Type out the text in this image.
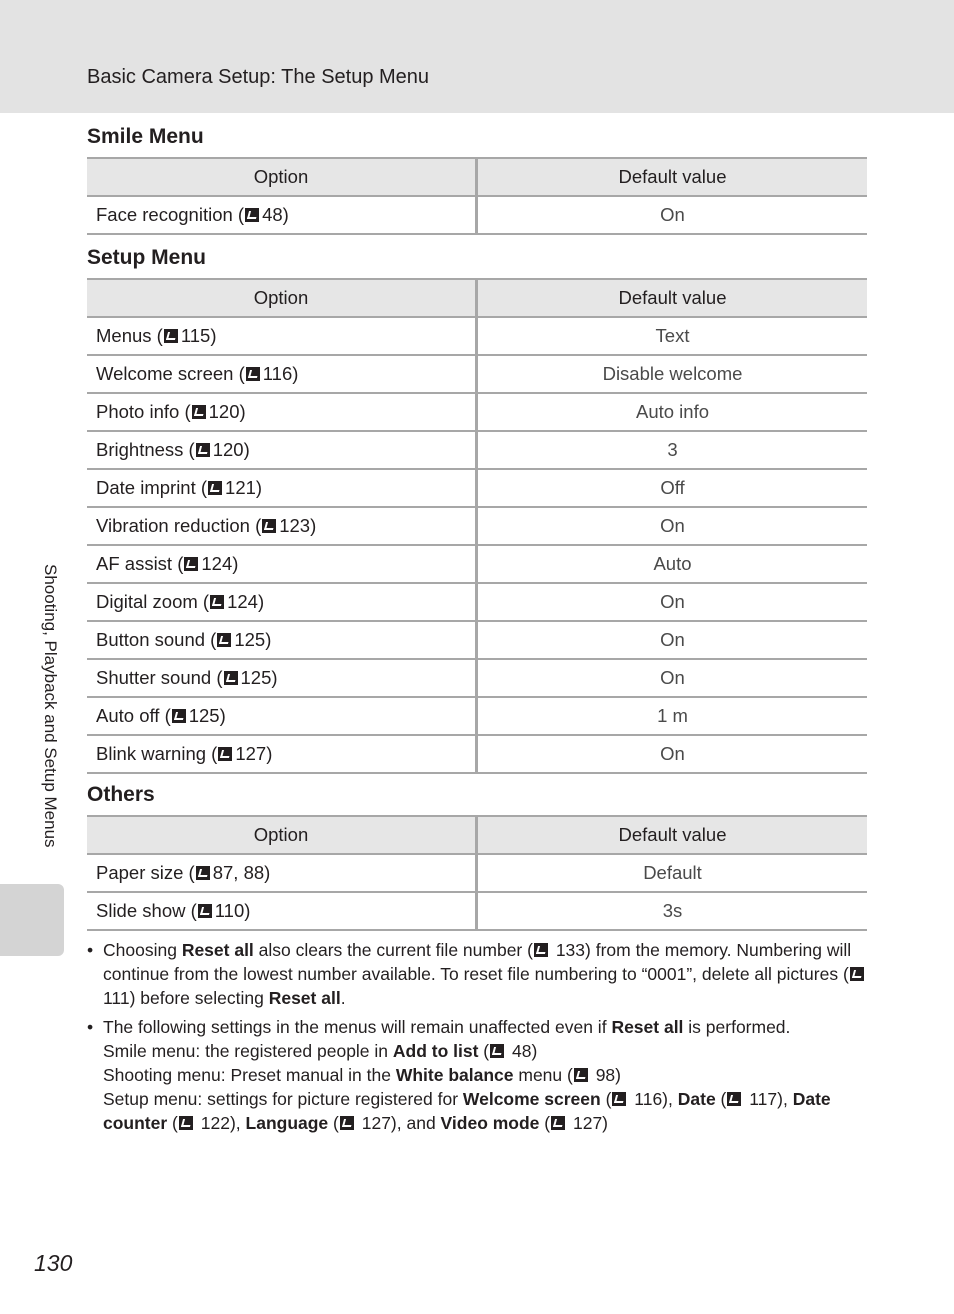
Basic Camera Setup: The Setup Menu
Smile Menu
Option	Default value
Face recognition ( 48)	On
Setup Menu
Option	Default value
Menus ( 115)	Text
Welcome screen ( 116)	Disable welcome
Photo info ( 120)	Auto info
Brightness ( 120)	3
Date imprint ( 121)	Off
Vibration reduction ( 123)	On
AF assist ( 124)	Auto
Digital zoom ( 124)	On
Button sound ( 125)	On
Shutter sound ( 125)	On
Auto off ( 125)	1 m
Blink warning ( 127)	On
Others
Option	Default value
Paper size ( 87, 88)	Default
Slide show ( 110)	3s
• Choosing Reset all also clears the current file number ( 133) from the memory. Numbering will continue from the lowest number available. To reset file numbering to “0001”, delete all pictures ( 111) before selecting Reset all.
• The following settings in the menus will remain unaffected even if Reset all is performed.
Smile menu: the registered people in Add to list ( 48)
Shooting menu: Preset manual in the White balance menu ( 98)
Setup menu: settings for picture registered for Welcome screen ( 116), Date ( 117), Date counter ( 122), Language ( 127), and Video mode ( 127)
Shooting, Playback and Setup Menus
130
